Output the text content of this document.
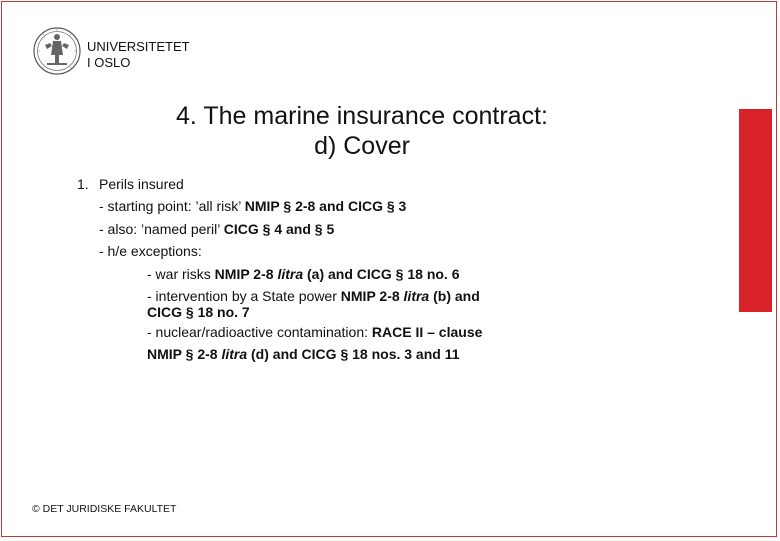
UNIVERSITETET
I OSLO
4. The marine insurance contract:
d) Cover
1. Perils insured
- starting point: ’all risk’ NMIP § 2-8 and CICG § 3
- also: ’named peril’ CICG § 4 and § 5
- h/e exceptions:
- war risks NMIP 2-8 litra (a) and CICG § 18 no. 6
- intervention by a State power NMIP 2-8 litra (b) and
CICG § 18 no. 7
- nuclear/radioactive contamination: RACE II – clause
NMIP § 2-8 litra (d) and CICG § 18 nos. 3 and 11
© DET JURIDISKE FAKULTET
